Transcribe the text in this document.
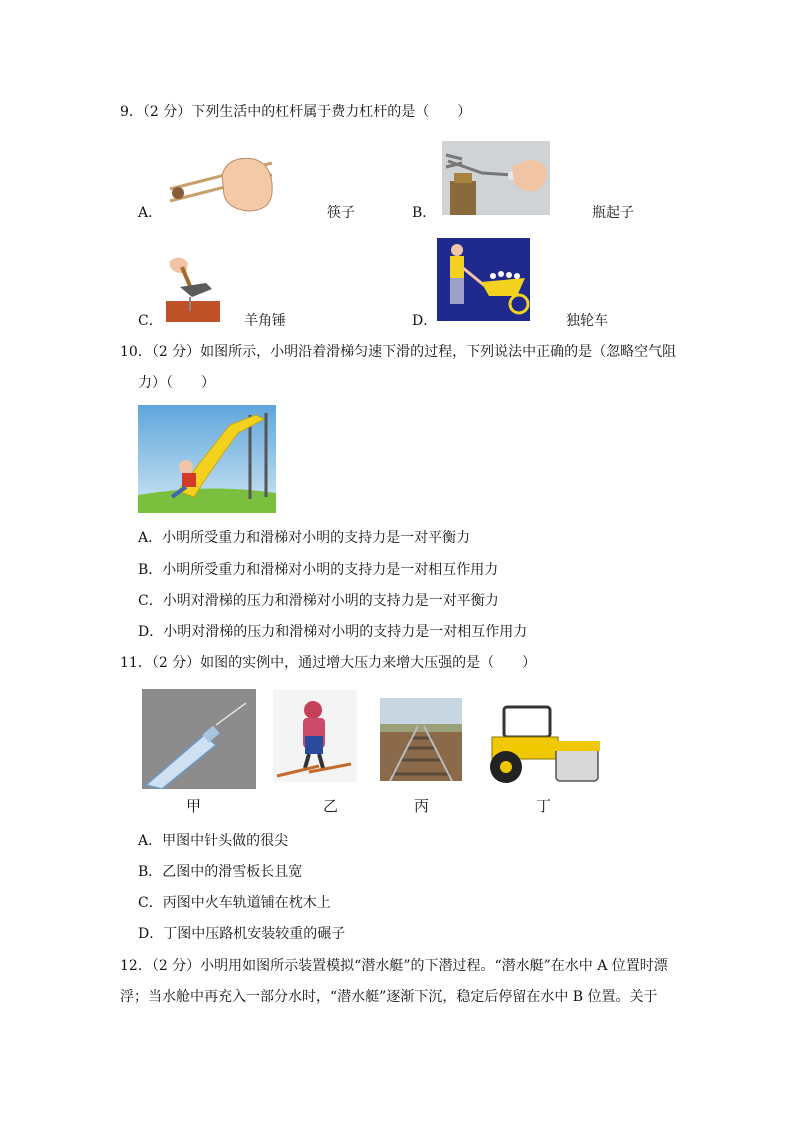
9．（2 分）下列生活中的杠杆属于费力杠杆的是（　　）
A．	筷子	B．	瓶起子
C．	羊角锤	D．	独轮车
10．（2 分）如图所示，小明沿着滑梯匀速下滑的过程，下列说法中正确的是（忽略空气阻
力）（　　）
A．小明所受重力和滑梯对小明的支持力是一对平衡力
B．小明所受重力和滑梯对小明的支持力是一对相互作用力
C．小明对滑梯的压力和滑梯对小明的支持力是一对平衡力
D．小明对滑梯的压力和滑梯对小明的支持力是一对相互作用力
11．（2 分）如图的实例中，通过增大压力来增大压强的是（　　）
甲	乙	丙	丁
A．甲图中针头做的很尖
B．乙图中的滑雪板长且宽
C．丙图中火车轨道铺在枕木上
D．丁图中压路机安装较重的碾子
12．（2 分）小明用如图所示装置模拟“潜水艇”的下潜过程。“潜水艇”在水中 A 位置时漂
浮；当水舱中再充入一部分水时，“潜水艇”逐渐下沉，稳定后停留在水中 B 位置。关于
